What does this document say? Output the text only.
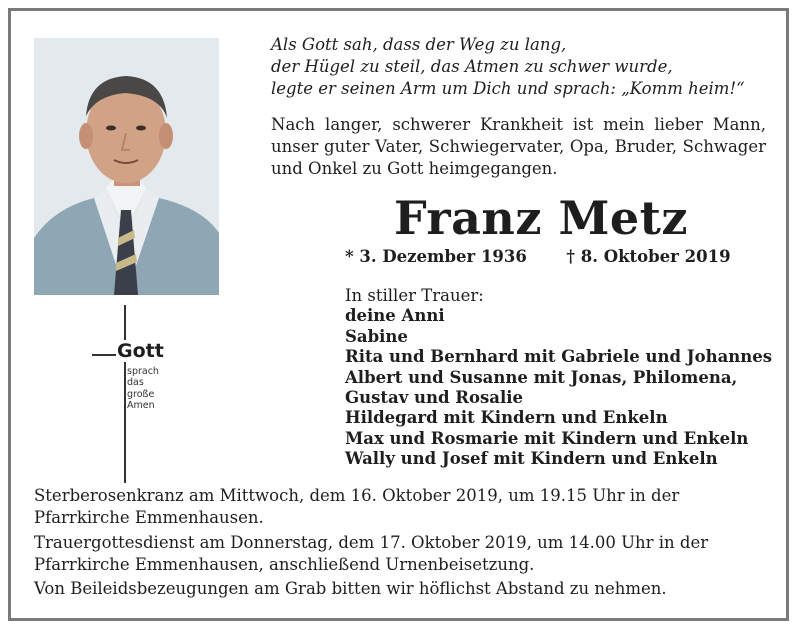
Als Gott sah, dass der Weg zu lang,
der Hügel zu steil, das Atmen zu schwer wurde,
legte er seinen Arm um Dich und sprach: „Komm heim!“
Nach langer, schwerer Krankheit ist mein lieber Mann, unser guter Vater, Schwiegervater, Opa, Bruder, Schwager und Onkel zu Gott heimgegangen.
Franz Metz
* 3. Dezember 1936 † 8. Oktober 2019
In stiller Trauer:
deine Anni
Sabine
Rita und Bernhard mit Gabriele und Johannes
Albert und Susanne mit Jonas, Philomena,
Gustav und Rosalie
Hildegard mit Kindern und Enkeln
Max und Rosmarie mit Kindern und Enkeln
Wally und Josef mit Kindern und Enkeln
Gott
sprach
das
große
Amen
Sterberosenkranz am Mittwoch, dem 16. Oktober 2019, um 19.15 Uhr in der Pfarrkirche Emmenhausen.
Trauergottesdienst am Donnerstag, dem 17. Oktober 2019, um 14.00 Uhr in der Pfarrkirche Emmenhausen, anschließend Urnenbeisetzung.
Von Beileidsbezeugungen am Grab bitten wir höflichst Abstand zu nehmen.
